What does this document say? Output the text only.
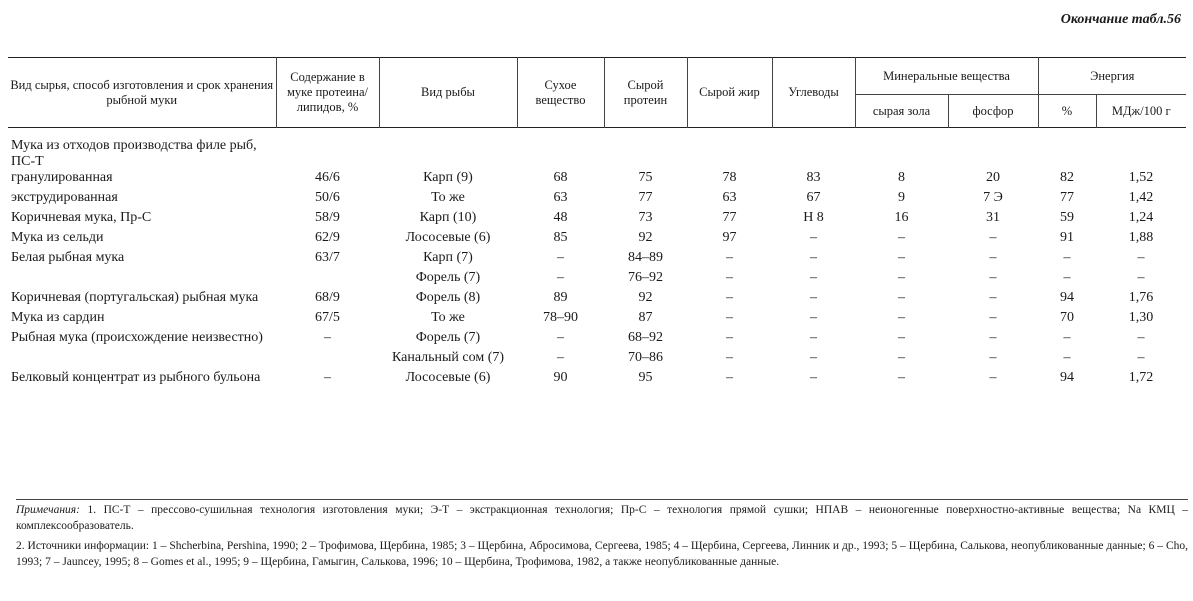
Окончание табл.56
Вид сырья, способ изготовления и срок хранения рыбной муки	Содержание в муке протеина/ липидов, %	Вид рыбы	Сухое вещество	Сырой протеин	Сырой жир	Углеводы	Минеральные вещества		Энергия	
							сырая зола	фосфор	%	МДж/100 г
Мука из отходов производства филе рыб, ПС-Т										
гранулированная	46/6	Карп (9)	68	75	78	83	8	20	82	1,52
экструдированная	50/6	То же	63	77	63	67	9	7 Э	77	1,42
Коричневая мука, Пр-С	58/9	Карп (10)	48	73	77	Н 8	16	31	59	1,24
Мука из сельди	62/9	Лососевые (6)	85	92	97	–	–	–	91	1,88
Белая рыбная мука	63/7	Карп (7)	–	84–89	–	–	–	–	–	–
		Форель (7)	–	76–92	–	–	–	–	–	–
Коричневая (португальская) рыбная мука	68/9	Форель (8)	89	92	–	–	–	–	94	1,76
Мука из сардин	67/5	То же	78–90	87	–	–	–	–	70	1,30
Рыбная мука (происхождение неизвестно)	–	Форель (7)	–	68–92	–	–	–	–	–	–
		Канальный сом (7)	–	70–86	–	–	–	–	–	–
Белковый концентрат из рыбного бульона	–	Лососевые (6)	90	95	–	–	–	–	94	1,72

Примечания: 1. ПС-Т – прессово-сушильная технология изготовления муки; Э-Т – экстракционная технология; Пр-С – технология прямой сушки; НПАВ – неионогенные поверхностно-активные вещества; Na КМЦ – комплексообразователь.

2. Источники информации: 1 – Shcherbina, Pershina, 1990; 2 – Трофимова, Щербина, 1985; 3 – Щербина, Абросимова, Сергеева, 1985; 4 – Щербина, Сергеева, Линник и др., 1993; 5 – Щербина, Салькова, неопубликованные данные; 6 – Cho, 1993; 7 – Jauncey, 1995; 8 – Gomes et al., 1995; 9 – Щербина, Гамыгин, Салькова, 1996; 10 – Щербина, Трофимова, 1982, а также неопубликованные данные.
